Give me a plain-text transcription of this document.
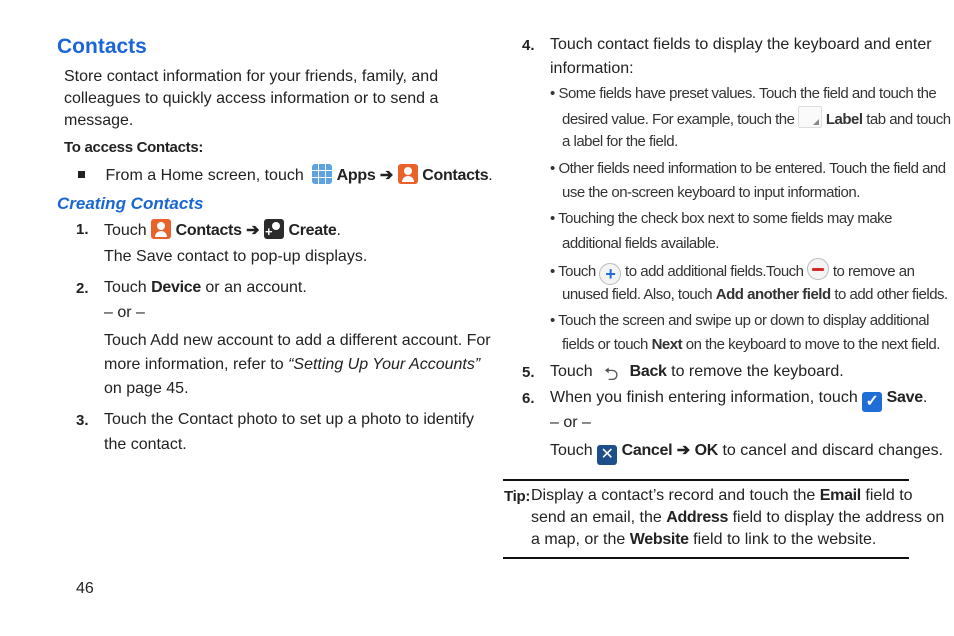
Contacts
Store contact information for your friends, family, and
colleagues to quickly access information or to send a
message.
To access Contacts:
From a Home screen, touch Apps ➔ Contacts.
Creating Contacts
1. Touch Contacts ➔ + Create.
The Save contact to pop-up displays.
2. Touch Device or an account.
– or –
Touch Add new account to add a different account. For
more information, refer to “Setting Up Your Accounts”
on page 45.
3. Touch the Contact photo to set up a photo to identify
the contact.
46
4. Touch contact fields to display the keyboard and enter
information:
• Some fields have preset values. Touch the field and touch the
desired value. For example, touch the Label tab and touch
a label for the field.
• Other fields need information to be entered. Touch the field and
use the on-screen keyboard to input information.
• Touching the check box next to some fields may make
additional fields available.
• Touch + to add additional fields.Touch to remove an
unused field. Also, touch Add another field to add other fields.
• Touch the screen and swipe up or down to display additional
fields or touch Next on the keyboard to move to the next field.
5. Touch ⮌ Back to remove the keyboard.
6. When you finish entering information, touch ✓ Save.
– or –
Touch ✕ Cancel ➔ OK to cancel and discard changes.
Tip: Display a contact’s record and touch the Email field to
send an email, the Address field to display the address on
a map, or the Website field to link to the website.
